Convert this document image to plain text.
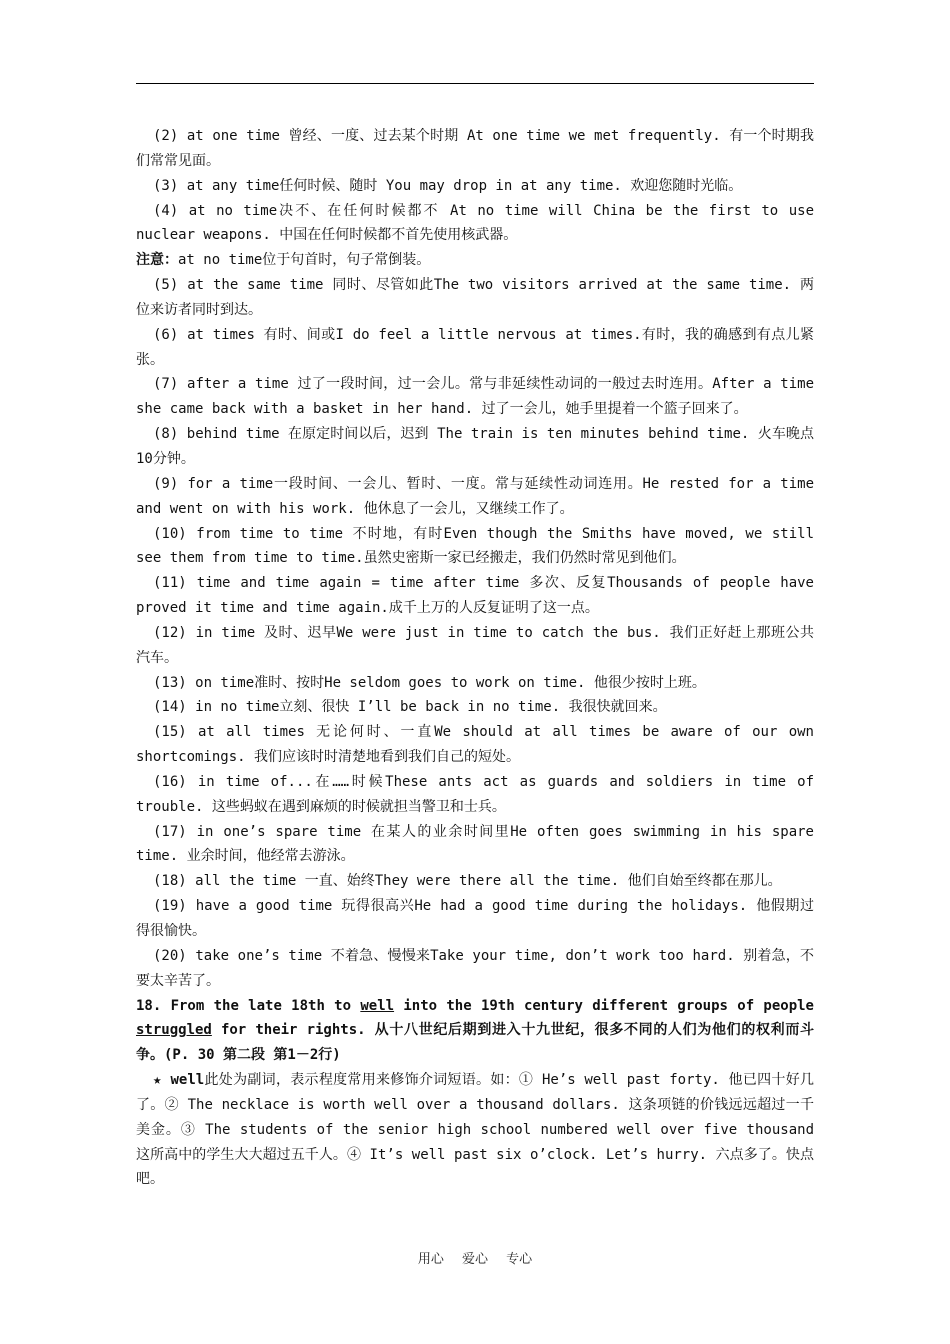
(2) at one time 曾经、一度、过去某个时期 At one time we met frequently. 有一个时期我们常常见面。

(3) at any time任何时候、随时 You may drop in at any time. 欢迎您随时光临。

(4) at no time决不、在任何时候都不 At no time will China be the first to use nuclear weapons. 中国在任何时候都不首先使用核武器。

注意：at no time位于句首时，句子常倒装。

(5) at the same time 同时、尽管如此The two visitors arrived at the same time. 两位来访者同时到达。

(6) at times 有时、间或I do feel a little nervous at times.有时，我的确感到有点儿紧张。

(7) after a time 过了一段时间，过一会儿。常与非延续性动词的一般过去时连用。After a time she came back with a basket in her hand. 过了一会儿，她手里提着一个篮子回来了。

(8) behind time 在原定时间以后，迟到 The train is ten minutes behind time. 火车晚点10分钟。

(9) for a time一段时间、一会儿、暂时、一度。常与延续性动词连用。He rested for a time and went on with his work. 他休息了一会儿，又继续工作了。

(10) from time to time 不时地，有时Even though the Smiths have moved, we still see them from time to time.虽然史密斯一家已经搬走，我们仍然时常见到他们。

(11) time and time again = time after time 多次、反复Thousands of people have proved it time and time again.成千上万的人反复证明了这一点。

(12) in time 及时、迟早We were just in time to catch the bus. 我们正好赶上那班公共汽车。

(13) on time准时、按时He seldom goes to work on time. 他很少按时上班。

(14) in no time立刻、很快 I’ll be back in no time. 我很快就回来。

(15) at all times 无论何时、一直We should at all times be aware of our own shortcomings. 我们应该时时清楚地看到我们自己的短处。

(16) in time of...在……时候These ants act as guards and soldiers in time of trouble. 这些蚂蚁在遇到麻烦的时候就担当警卫和士兵。

(17) in one’s spare time 在某人的业余时间里He often goes swimming in his spare time. 业余时间，他经常去游泳。

(18) all the time 一直、始终They were there all the time. 他们自始至终都在那儿。

(19) have a good time 玩得很高兴He had a good time during the holidays. 他假期过得很愉快。

(20) take one’s time 不着急、慢慢来Take your time, don’t work too hard. 别着急，不要太辛苦了。

18. From the late 18th to well into the 19th century different groups of people struggled for their rights. 从十八世纪后期到进入十九世纪，很多不同的人们为他们的权利而斗争。(P. 30 第二段 第1－2行)

★ well此处为副词，表示程度常用来修饰介词短语。如：① He’s well past forty. 他已四十好几了。② The necklace is worth well over a thousand dollars. 这条项链的价钱远远超过一千美金。③ The students of the senior high school numbered well over five thousand 这所高中的学生大大超过五千人。④ It’s well past six o’clock. Let’s hurry. 六点多了。快点吧。

用心 爱心 专心
